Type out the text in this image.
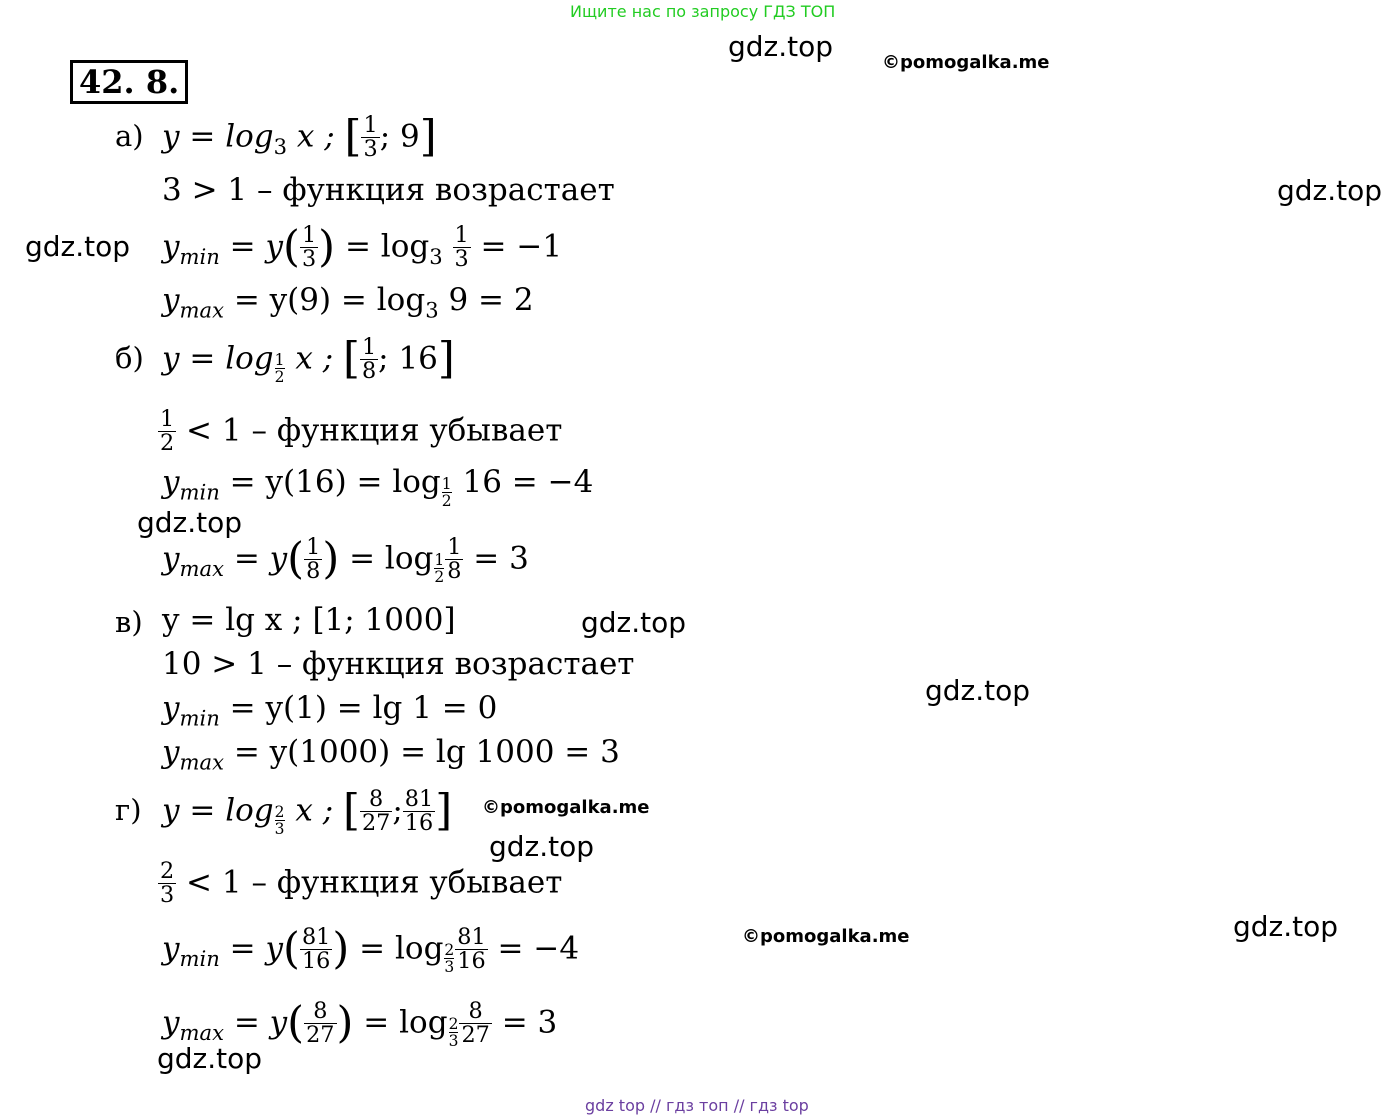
Ищите нас по запросу ГДЗ ТОП
gdz.top	©pomogalka.me
gdz.top
gdz.top
gdz.top
gdz.top
gdz.top
©pomogalka.me
gdz.top
©pomogalka.me	gdz.top
gdz.top
42. 8.
а) $y = \log_3 x$ ; [ $\frac{1}{3}$ ; 9]
3 > 1 – функция возрастает
$y_{min} = y( \frac{1}{3}$ ) = $\log_3 \frac{1}{3} = -1$
$y_{max} = y(9) = \log_3 9 = 2$
б) $y = \log \frac{1}{2}$ x ; [ $\frac{1}{8}$ ; 16]
$\frac{1}{2} < 1$ – функция убывает
$y_{min} = y(16) = \log \frac{1}{2} 16 = -4$
$y_{max} = y( \frac{1}{8}$ ) = $\log \frac{1}{2} \frac{1}{8} = 3$
в) y = lg x ; [1; 1000]
10 > 1 – функция возрастает
$y_{min} = y(1) = \lg 1 = 0$
$y_{max} = y(1000) = \lg 1000 = 3$
г) $y = \log \frac{2}{3}$ x ; [ $\frac{8}{27}$ ; $\frac{81}{16}$ ]
$\frac{2}{3} < 1$ – функция убывает
$y_{min} = y( \frac{81}{16}$ ) = $\log \frac{2}{3} \frac{81}{16} = -4$
$y_{max} = y( \frac{8}{27}$ ) = $\log \frac{2}{3} \frac{8}{27} = 3$
gdz top // гдз топ // гдз top
